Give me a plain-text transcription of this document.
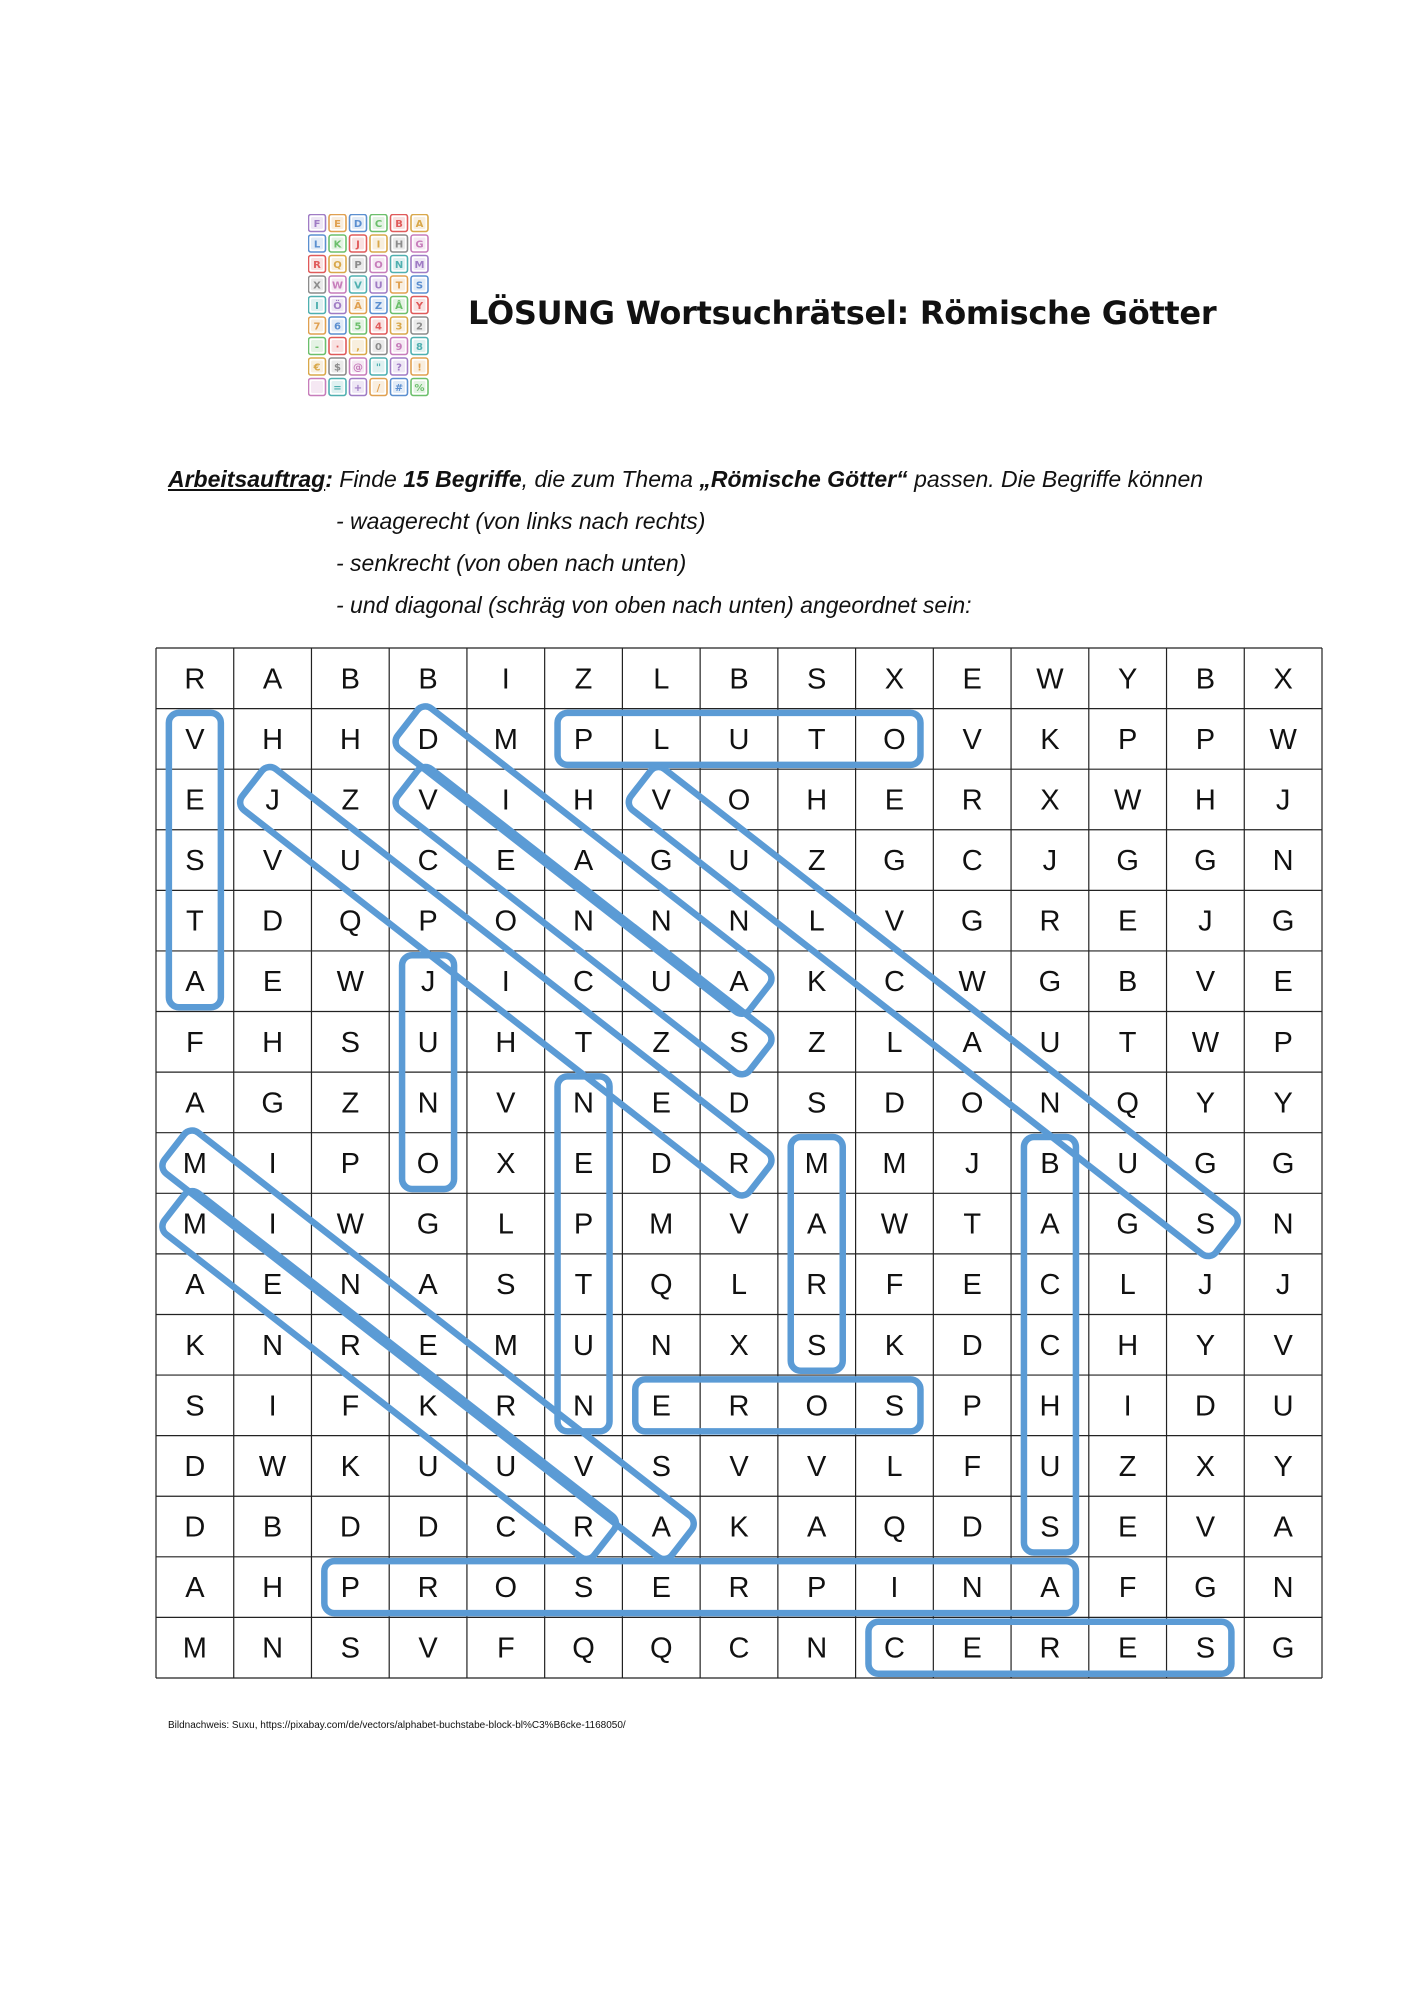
F E D C B A
L K J I H G
R Q P O N M
X W V U T S
I Ö Ä Z Å Y
7 6 5 4 3 2
- · , 0 9 8
€ $ @ " ? !
= + / # %
LÖSUNG Wortsuchrätsel: Römische Götter
Arbeitsauftrag: Finde 15 Begriffe, die zum Thema „Römische Götter“ passen. Die Begriffe können
- waagerecht (von links nach rechts)
- senkrecht (von oben nach unten)
- und diagonal (schräg von oben nach unten) angeordnet sein:
R A B B I Z L B S X E W Y B X
V H H D M P L U T O V K P P W
E J Z V I H V O H E R X W H J
S V U C E A G U Z G C J G G N
T D Q P O N N N L V G R E J G
A E W J I C U A K C W G B V E
F H S U H T Z S Z L A U T W P
A G Z N V N E D S D O N Q Y Y
M I P O X E D R M M J B U G G
M I W G L P M V A W T A G S N
A E N A S T Q L R F E C L J J
K N R E M U N X S K D C H Y V
S I F K R N E R O S P H I D U
D W K U U V S V V L F U Z X Y
D B D D C R A K A Q D S E V A
A H P R O S E R P I N A F G N
M N S V F Q Q C N C E R E S G
Bildnachweis: Suxu, https://pixabay.com/de/vectors/alphabet-buchstabe-block-bl%C3%B6cke-1168050/
